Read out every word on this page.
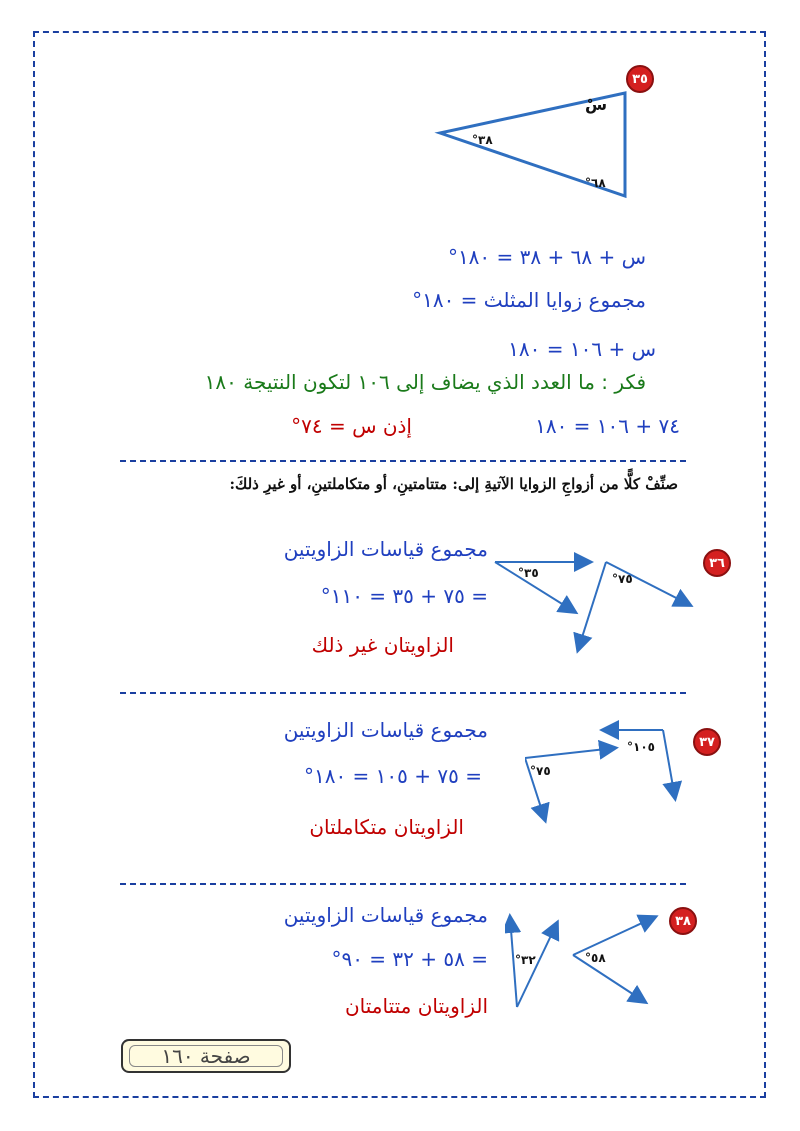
٣٥
سْ
°٣٨
°٦٨
س + ٦٨ + ٣٨ = ١٨٠°
مجموع زوايا المثلث = ١٨٠°
س + ١٠٦ = ١٨٠
فكر : ما العدد الذي يضاف إلى ١٠٦ لتكون النتيجة ١٨٠
٧٤ + ١٠٦ = ١٨٠
إذن س = ٧٤°
صنِّفْ كلًّا من أزواجِ الزوايا الآتيةِ إلى: متتامتينِ، أو متكاملتينِ، أو غيرِ ذلكَ:
٣٦
°٣٥	°٧٥
مجموع قياسات الزاويتين
= ٧٥ + ٣٥ = ١١٠°
الزاويتان غير ذلك
٣٧
°٧٥
°١٠٥
مجموع قياسات الزاويتين
= ٧٥ + ١٠٥ = ١٨٠°
الزاويتان متكاملتان
٣٨
°٣٢	°٥٨
مجموع قياسات الزاويتين
= ٥٨ + ٣٢ = ٩٠°
الزاويتان متتامتان
صفحة ١٦٠
